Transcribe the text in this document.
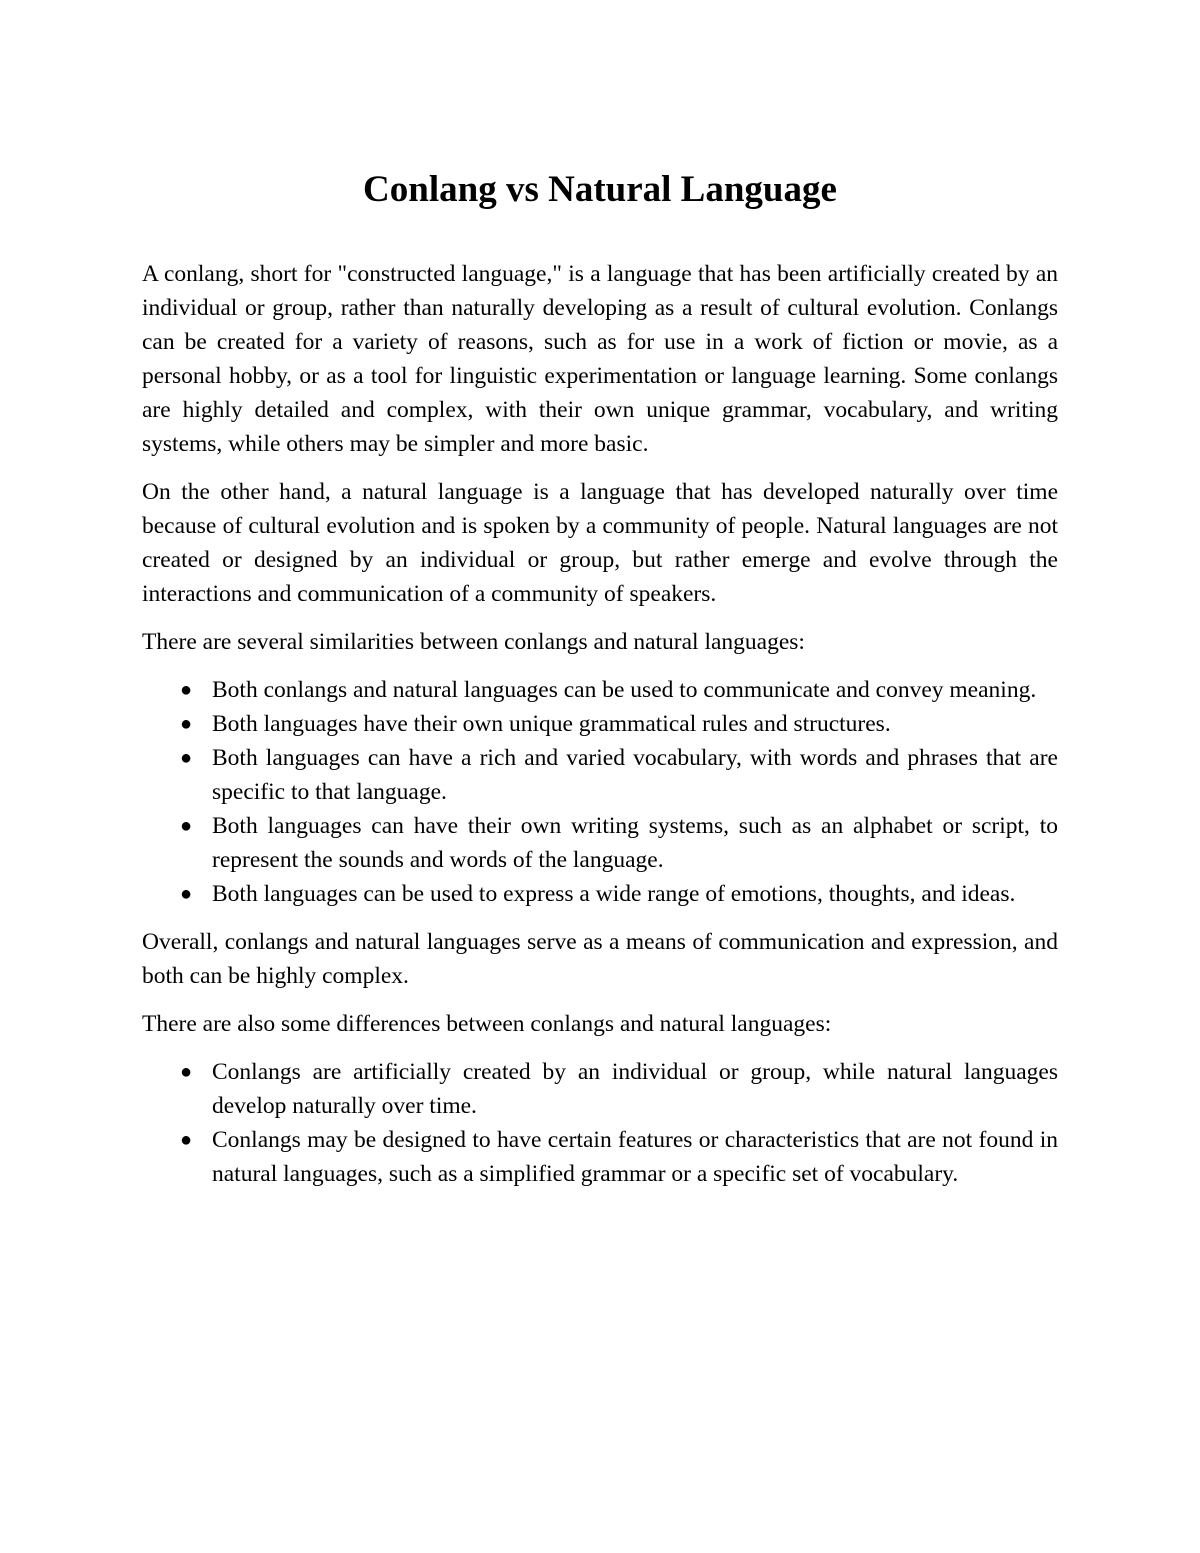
Conlang vs Natural Language

A conlang, short for "constructed language," is a language that has been artificially created by an individual or group, rather than naturally developing as a result of cultural evolution. Conlangs can be created for a variety of reasons, such as for use in a work of fiction or movie, as a personal hobby, or as a tool for linguistic experimentation or language learning. Some conlangs are highly detailed and complex, with their own unique grammar, vocabulary, and writing systems, while others may be simpler and more basic.

On the other hand, a natural language is a language that has developed naturally over time because of cultural evolution and is spoken by a community of people. Natural languages are not created or designed by an individual or group, but rather emerge and evolve through the interactions and communication of a community of speakers.

There are several similarities between conlangs and natural languages:

● Both conlangs and natural languages can be used to communicate and convey meaning.
● Both languages have their own unique grammatical rules and structures.
● Both languages can have a rich and varied vocabulary, with words and phrases that are specific to that language.
● Both languages can have their own writing systems, such as an alphabet or script, to represent the sounds and words of the language.
● Both languages can be used to express a wide range of emotions, thoughts, and ideas.

Overall, conlangs and natural languages serve as a means of communication and expression, and both can be highly complex.

There are also some differences between conlangs and natural languages:

● Conlangs are artificially created by an individual or group, while natural languages develop naturally over time.
● Conlangs may be designed to have certain features or characteristics that are not found in natural languages, such as a simplified grammar or a specific set of vocabulary.
